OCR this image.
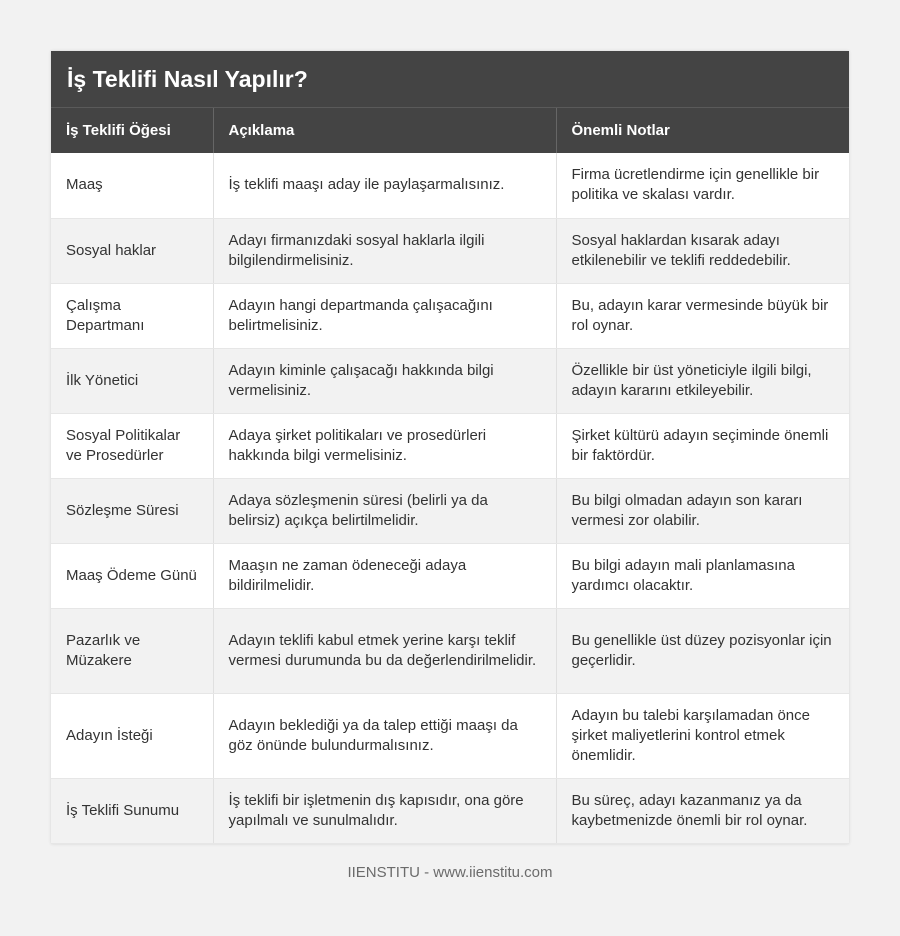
İş Teklifi Nasıl Yapılır?
İş Teklifi Öğesi	Açıklama	Önemli Notlar
Maaş	İş teklifi maaşı aday ile paylaşarmalısınız.	Firma ücretlendirme için genellikle bir politika ve skalası vardır.
Sosyal haklar	Adayı firmanızdaki sosyal haklarla ilgili bilgilendirmelisiniz.	Sosyal haklardan kısarak adayı etkilenebilir ve teklifi reddedebilir.
Çalışma Departmanı	Adayın hangi departmanda çalışacağını belirtmelisiniz.	Bu, adayın karar vermesinde büyük bir rol oynar.
İlk Yönetici	Adayın kiminle çalışacağı hakkında bilgi vermelisiniz.	Özellikle bir üst yöneticiyle ilgili bilgi, adayın kararını etkileyebilir.
Sosyal Politikalar ve Prosedürler	Adaya şirket politikaları ve prosedürleri hakkında bilgi vermelisiniz.	Şirket kültürü adayın seçiminde önemli bir faktördür.
Sözleşme Süresi	Adaya sözleşmenin süresi (belirli ya da belirsiz) açıkça belirtilmelidir.	Bu bilgi olmadan adayın son kararı vermesi zor olabilir.
Maaş Ödeme Günü	Maaşın ne zaman ödeneceği adaya bildirilmelidir.	Bu bilgi adayın mali planlamasına yardımcı olacaktır.
Pazarlık ve Müzakere	Adayın teklifi kabul etmek yerine karşı teklif vermesi durumunda bu da değerlendirilmelidir.	Bu genellikle üst düzey pozisyonlar için geçerlidir.
Adayın İsteği	Adayın beklediği ya da talep ettiği maaşı da göz önünde bulundurmalısınız.	Adayın bu talebi karşılamadan önce şirket maliyetlerini kontrol etmek önemlidir.
İş Teklifi Sunumu	İş teklifi bir işletmenin dış kapısıdır, ona göre yapılmalı ve sunulmalıdır.	Bu süreç, adayı kazanmanız ya da kaybetmenizde önemli bir rol oynar.
IIENSTITU - www.iienstitu.com
